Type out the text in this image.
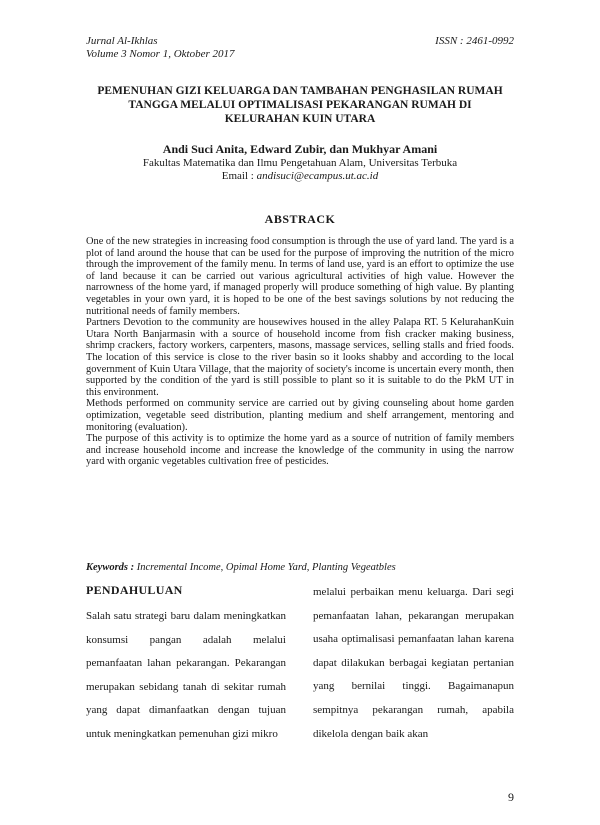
Jurnal Al-Ikhlas
Volume 3 Nomor 1, Oktober 2017
ISSN : 2461-0992
PEMENUHAN GIZI KELUARGA DAN TAMBAHAN PENGHASILAN RUMAH
TANGGA MELALUI OPTIMALISASI PEKARANGAN RUMAH DI
KELURAHAN KUIN UTARA
Andi Suci Anita, Edward Zubir, dan Mukhyar Amani
Fakultas Matematika dan Ilmu Pengetahuan Alam, Universitas Terbuka
Email : andisuci@ecampus.ut.ac.id
ABSTRACK

One of the new strategies in increasing food consumption is through the use of yard land. The yard is a plot of land around the house that can be used for the purpose of improving the nutrition of the micro through the improvement of the family menu. In terms of land use, yard is an effort to optimize the use of land because it can be carried out various agricultural activities of high value. However the narrowness of the home yard, if managed properly will produce something of high value. By planting vegetables in your own yard, it is hoped to be one of the best savings solutions by not reducing the nutritional needs of family members.

Partners Devotion to the community are housewives housed in the alley Palapa RT. 5 KelurahanKuin Utara North Banjarmasin with a source of household income from fish cracker making business, shrimp crackers, factory workers, carpenters, masons, massage services, selling stalls and fried foods. The location of this service is close to the river basin so it looks shabby and according to the local government of Kuin Utara Village, that the majority of society's income is uncertain every month, then supported by the condition of the yard is still possible to plant so it is suitable to do the PkM UT in this environment.

Methods performed on community service are carried out by giving counseling about home garden optimization, vegetable seed distribution, planting medium and shelf arrangement, mentoring and monitoring (evaluation).

The purpose of this activity is to optimize the home yard as a source of nutrition of family members and increase household income and increase the knowledge of the community in using the narrow yard with organic vegetables cultivation free of pesticides.

Keywords : Incremental Income, Opimal Home Yard, Planting Vegeatbles
PENDAHULUAN
Salah satu strategi baru dalam meningkatkan konsumsi pangan adalah melalui pemanfaatan lahan pekarangan. Pekarangan merupakan sebidang tanah di sekitar rumah yang dapat dimanfaatkan dengan tujuan untuk meningkatkan pemenuhan gizi mikro
melalui perbaikan menu keluarga. Dari segi pemanfaatan lahan, pekarangan merupakan usaha optimalisasi pemanfaatan lahan karena dapat dilakukan berbagai kegiatan pertanian yang bernilai tinggi. Bagaimanapun sempitnya pekarangan rumah, apabila dikelola dengan baik akan
9
